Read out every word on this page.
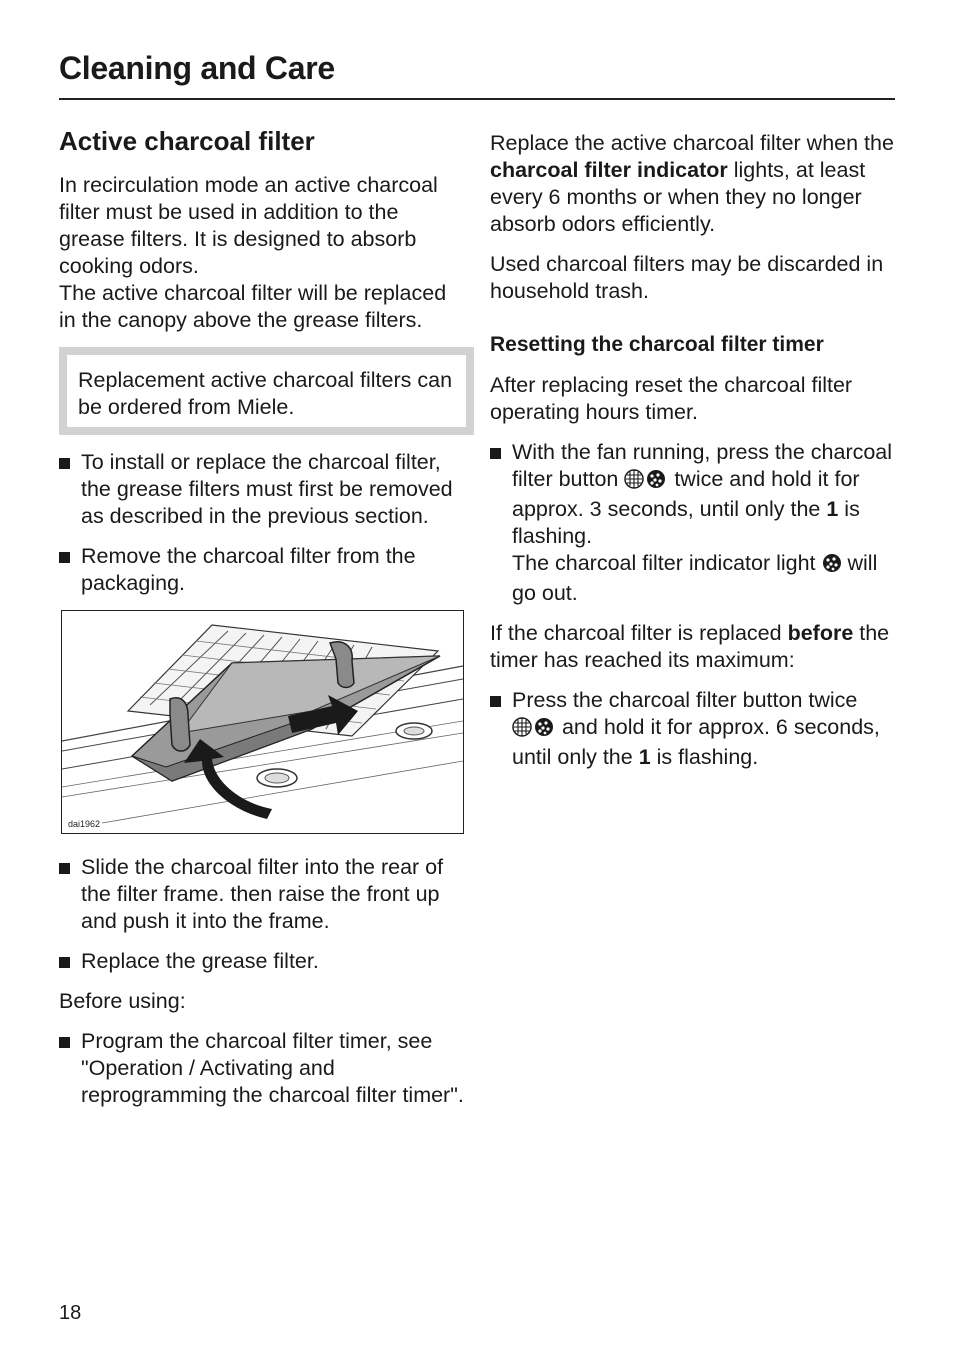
Cleaning and Care
Active charcoal filter

In recirculation mode an active charcoal filter must be used in addition to the grease filters. It is designed to absorb cooking odors.
The active charcoal filter will be replaced in the canopy above the grease filters.

Replacement active charcoal filters can be ordered from Miele.

To install or replace the charcoal filter, the grease filters must first be removed as described in the previous section.
Remove the charcoal filter from the packaging.
dai1962
Slide the charcoal filter into the rear of the filter frame. then raise the front up and push it into the frame.
Replace the grease filter.

Before using:

Program the charcoal filter timer, see "Operation / Activating and reprogramming the charcoal filter timer".

Replace the active charcoal filter when the charcoal filter indicator lights, at least every 6 months or when they no longer absorb odors efficiently.

Used charcoal filters may be discarded in household trash.

Resetting the charcoal filter timer

After replacing reset the charcoal filter operating hours timer.

With the fan running, press the charcoal filter button  twice and hold it for approx. 3 seconds, until only the 1 is flashing.
The charcoal filter indicator light  will go out.

If the charcoal filter is replaced before the timer has reached its maximum:

Press the charcoal filter button twice  and hold it for approx. 6 seconds, until only the 1 is flashing.
18
